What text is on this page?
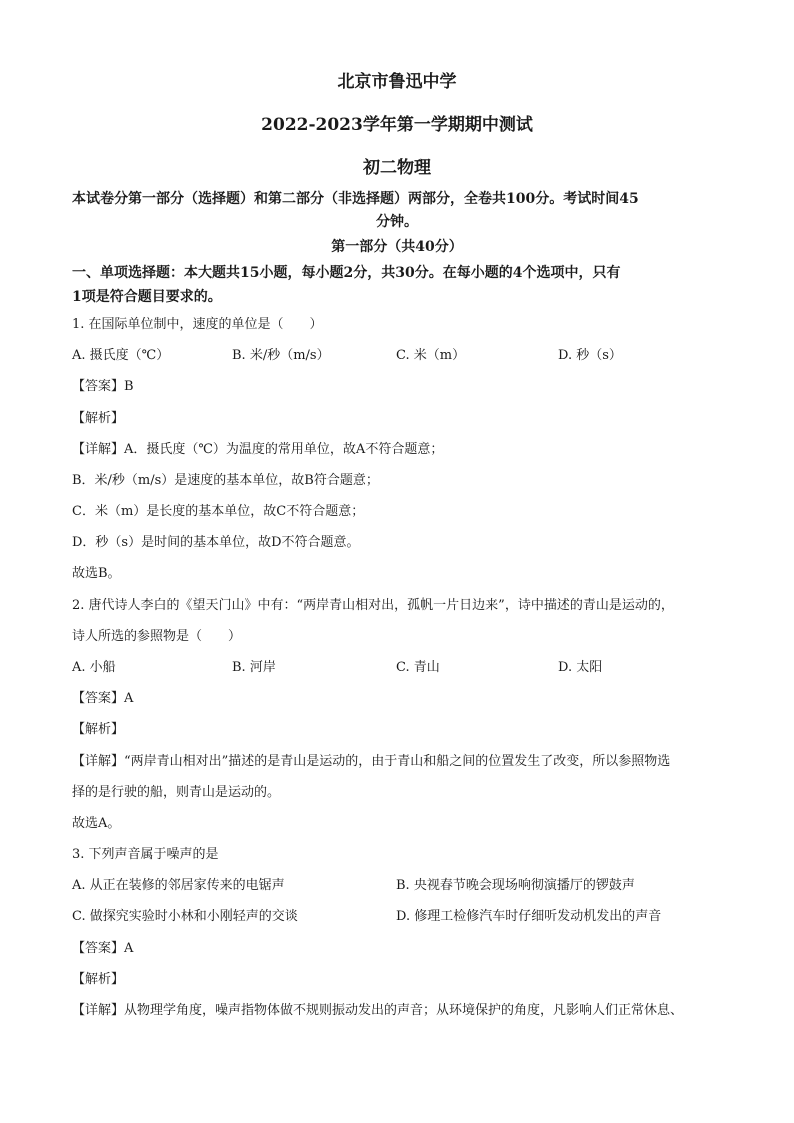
北京市鲁迅中学
2022-2023学年第一学期期中测试
初二物理
本试卷分第一部分（选择题）和第二部分（非选择题）两部分，全卷共100分。考试时间45
分钟。
第一部分（共40分）
一、单项选择题：本大题共15小题，每小题2分，共30分。在每小题的4个选项中，只有
1项是符合题目要求的。
1. 在国际单位制中，速度的单位是（　　）
A. 摄氏度（℃）	B. 米/秒（m/s）	C. 米（m）	D. 秒（s）
【答案】B
【解析】
【详解】A．摄氏度（℃）为温度的常用单位，故A不符合题意；
B．米/秒（m/s）是速度的基本单位，故B符合题意；
C．米（m）是长度的基本单位，故C不符合题意；
D．秒（s）是时间的基本单位，故D不符合题意。
故选B。
2. 唐代诗人李白的《望天门山》中有：“两岸青山相对出，孤帆一片日边来”，诗中描述的青山是运动的，
诗人所选的参照物是（　　）
A. 小船	B. 河岸	C. 青山	D. 太阳
【答案】A
【解析】
【详解】“两岸青山相对出”描述的是青山是运动的，由于青山和船之间的位置发生了改变，所以参照物选
择的是行驶的船，则青山是运动的。
故选A。
3. 下列声音属于噪声的是
A. 从正在装修的邻居家传来的电锯声	B. 央视春节晚会现场响彻演播厅的锣鼓声
C. 做探究实验时小林和小刚轻声的交谈	D. 修理工检修汽车时仔细听发动机发出的声音
【答案】A
【解析】
【详解】从物理学角度，噪声指物体做不规则振动发出的声音；从环境保护的角度，凡影响人们正常休息、
